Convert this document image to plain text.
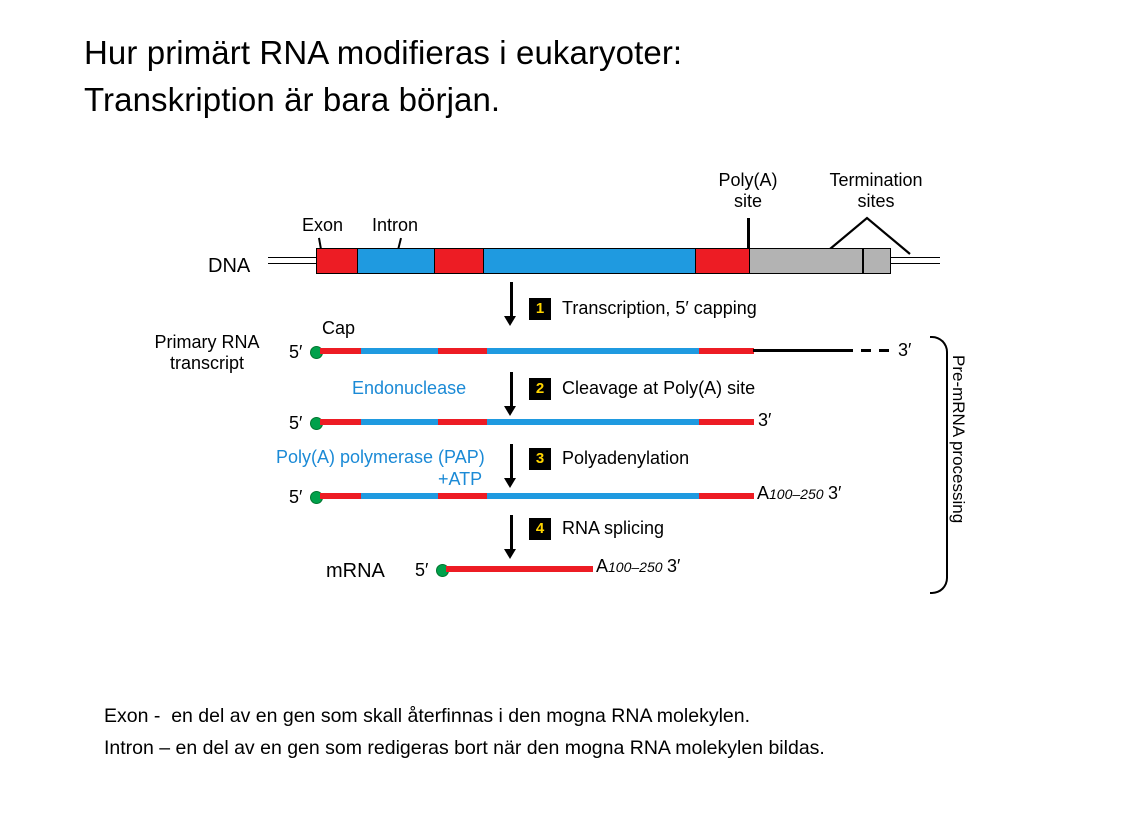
Hur primärt RNA modifieras i eukaryoter:
Transkription är bara början.
Exon Intron
Poly(A)
site
Termination
sites
DNA
1 Transcription, 5′ capping
Primary RNA
transcript
5′
Cap
3′
Endonuclease	2 Cleavage at Poly(A) site
5′	3′
Poly(A) polymerase (PAP)
+ATP
3 Polyadenylation
5′	A100–250 3′
4 RNA splicing
mRNA 5′	A100–250 3′
Pre-mRNA processing
Exon -  en del av en gen som skall återfinnas i den mogna RNA molekylen.
Intron – en del av en gen som redigeras bort när den mogna RNA molekylen bildas.
